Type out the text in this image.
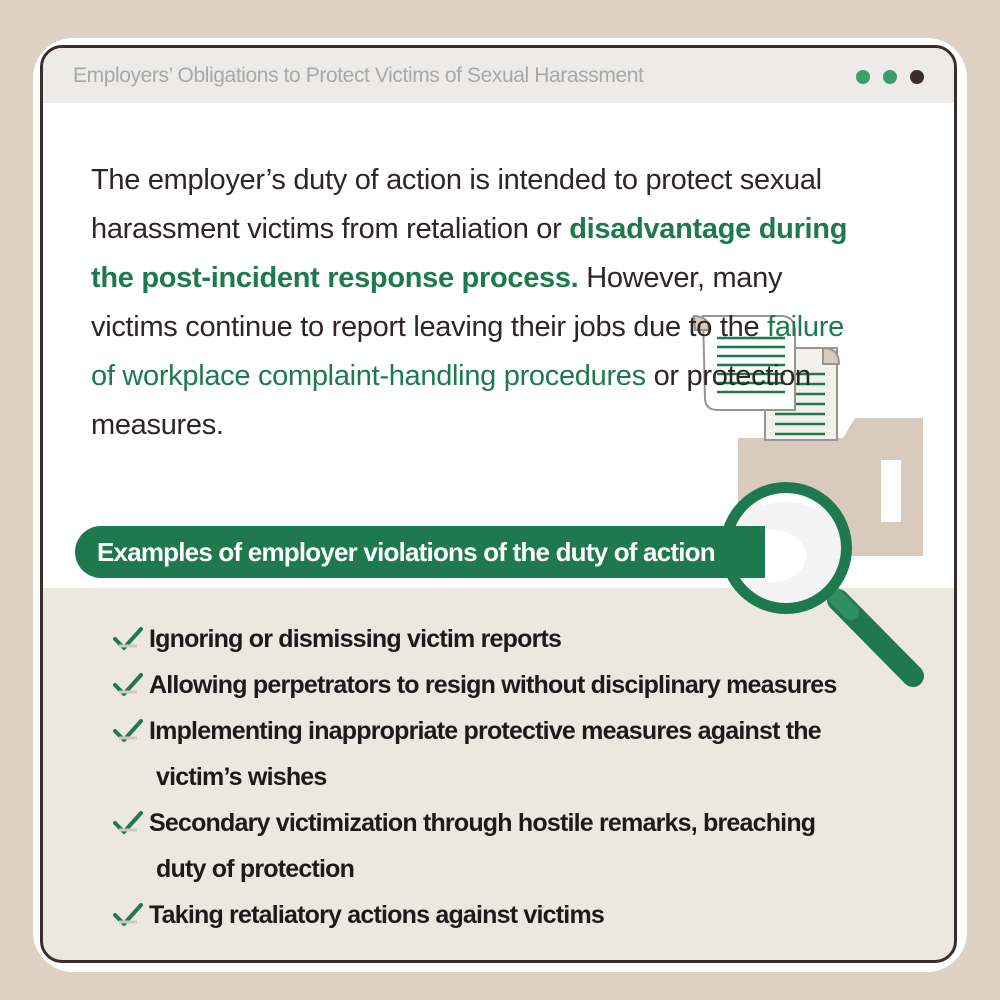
Employers’ Obligations to Protect Victims of Sexual Harassment

The employer’s duty of action is intended to protect sexual harassment victims from retaliation or disadvantage during the post-incident response process. However, many victims continue to report leaving their jobs due to the failure of workplace complaint-handling procedures or protection measures.

Examples of employer violations of the duty of action
Ignoring or dismissing victim reports
Allowing perpetrators to resign without disciplinary measures
Implementing inappropriate protective measures against the
victim’s wishes
Secondary victimization through hostile remarks, breaching
duty of protection
Taking retaliatory actions against victims
